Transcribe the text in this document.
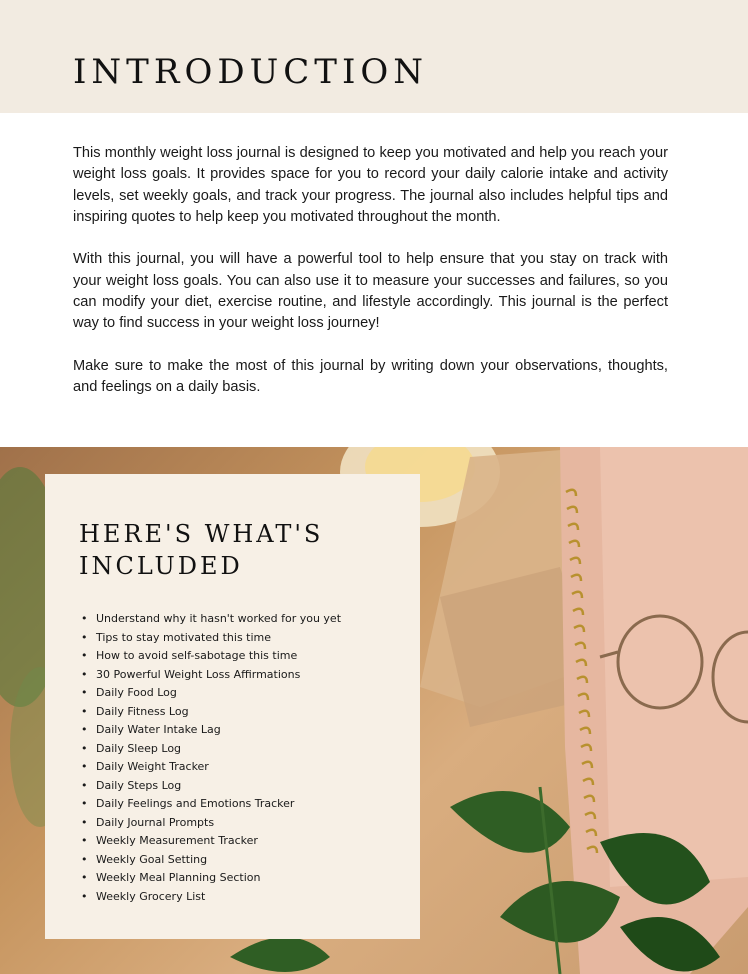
INTRODUCTION

This monthly weight loss journal is designed to keep you motivated and help you reach your weight loss goals. It provides space for you to record your daily calorie intake and activity levels, set weekly goals, and track your progress. The journal also includes helpful tips and inspiring quotes to help keep you motivated throughout the month.

With this journal, you will have a powerful tool to help ensure that you stay on track with your weight loss goals. You can also use it to measure your successes and failures, so you can modify your diet, exercise routine, and lifestyle accordingly. This journal is the perfect way to find success in your weight loss journey!

Make sure to make the most of this journal by writing down your observations, thoughts, and feelings on a daily basis.

HERE'S WHAT'S
INCLUDED
• Understand why it hasn't worked for you yet
• Tips to stay motivated this time
• How to avoid self-sabotage this time
• 30 Powerful Weight Loss Affirmations
• Daily Food Log
• Daily Fitness Log
• Daily Water Intake Lag
• Daily Sleep Log
• Daily Weight Tracker
• Daily Steps Log
• Daily Feelings and Emotions Tracker
• Daily Journal Prompts
• Weekly Measurement Tracker
• Weekly Goal Setting
• Weekly Meal Planning Section
• Weekly Grocery List
